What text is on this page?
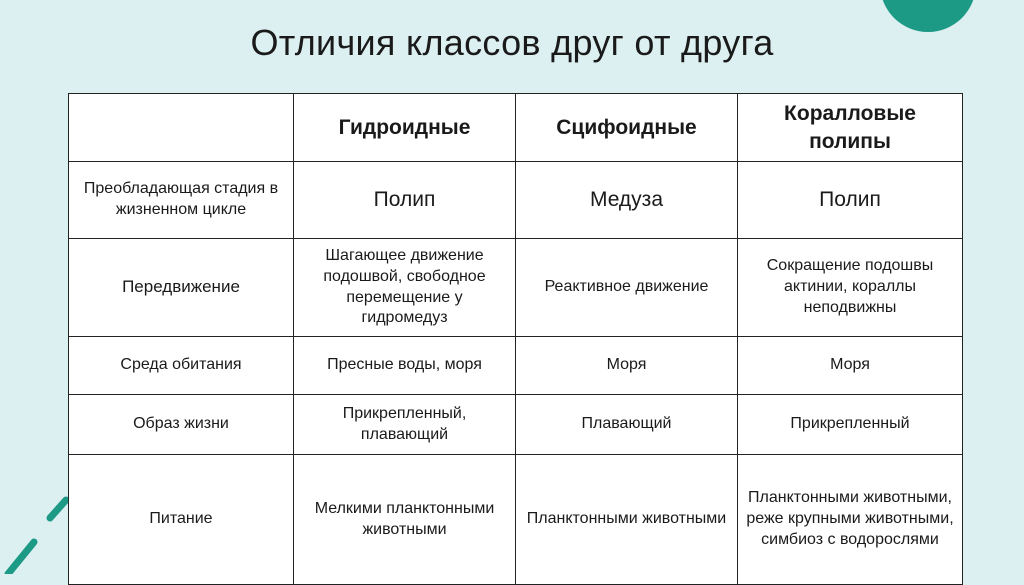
Отличия классов друг от друга
	Гидроидные	Сцифоидные	Коралловые полипы
Преобладающая стадия в жизненном цикле	Полип	Медуза	Полип
Передвижение	Шагающее движение подошвой, свободное перемещение у гидромедуз	Реактивное движение	Сокращение подошвы актинии, кораллы неподвижны
Среда обитания	Пресные воды, моря	Моря	Моря
Образ жизни	Прикрепленный, плавающий	Плавающий	Прикрепленный
Питание	Мелкими планктонными животными	Планктонными животными	Планктонными животными, реже крупными животными, симбиоз с водорослями
